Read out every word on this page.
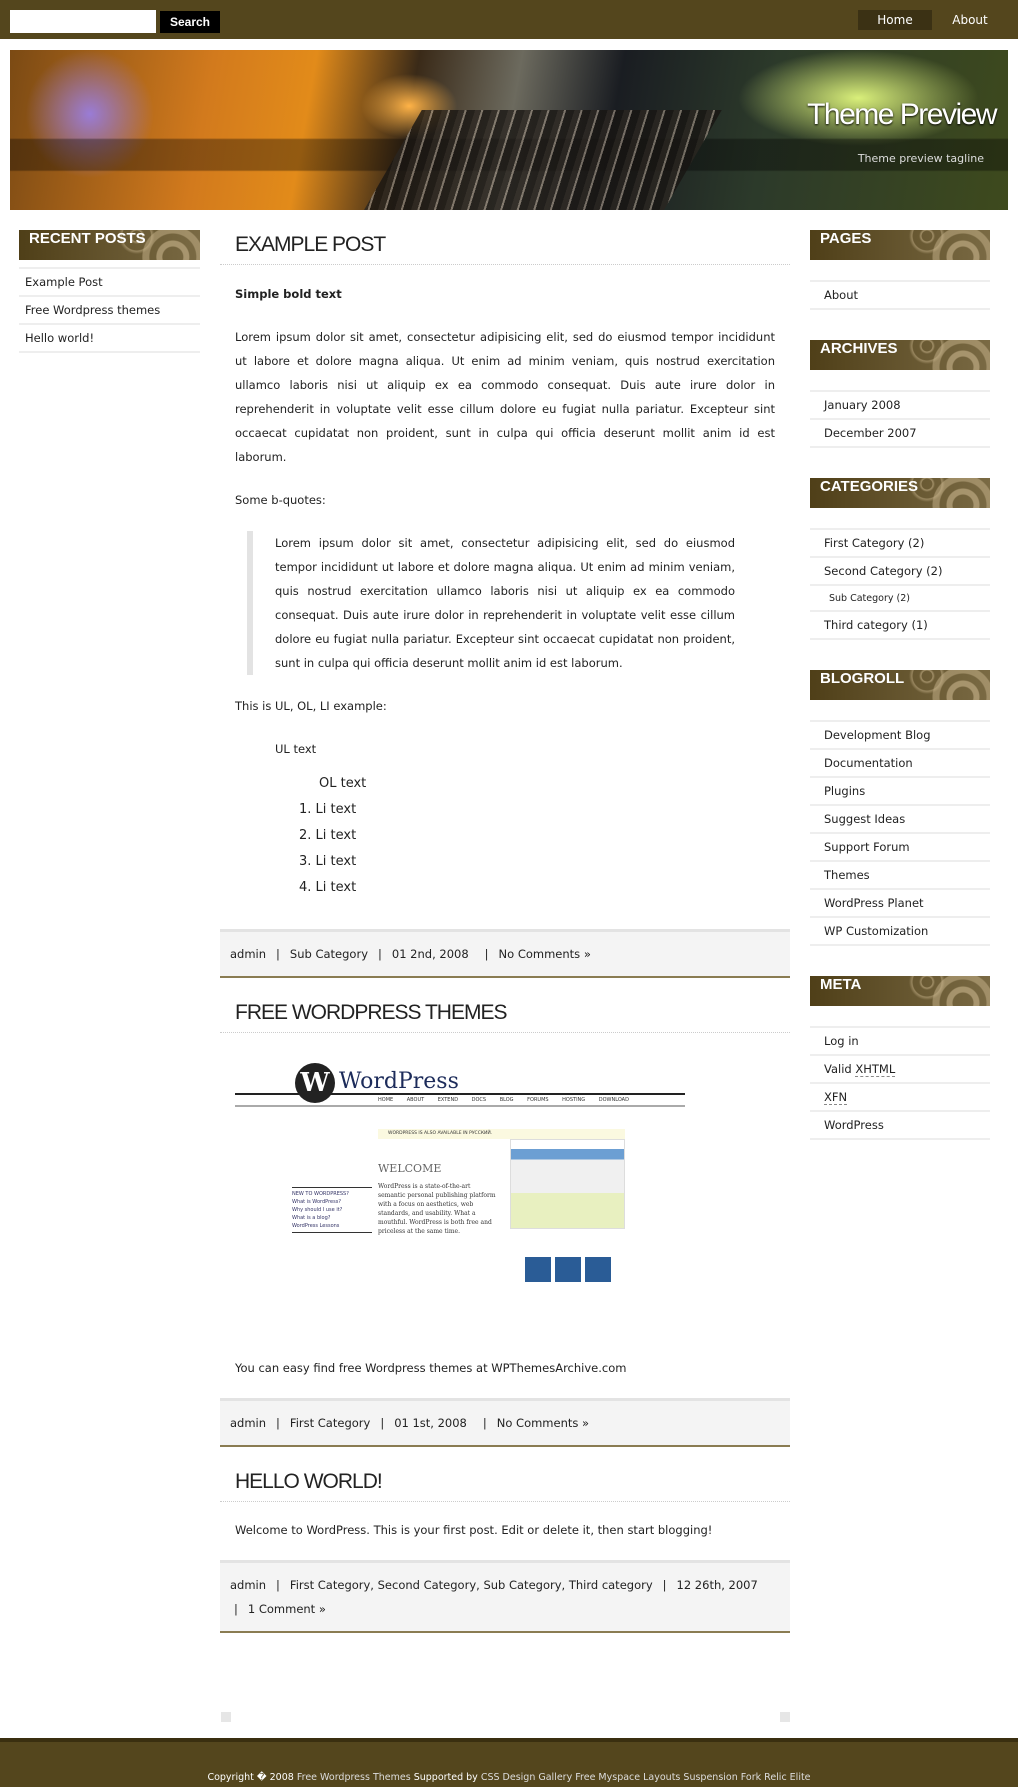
Search	Home	About
Theme Preview
Theme preview tagline
RECENT POSTS
Example Post
Free Wordpress themes
Hello world!
EXAMPLE POST

Simple bold text

Lorem ipsum dolor sit amet, consectetur adipisicing elit, sed do eiusmod tempor incididunt ut labore et dolore magna aliqua. Ut enim ad minim veniam, quis nostrud exercitation ullamco laboris nisi ut aliquip ex ea commodo consequat. Duis aute irure dolor in reprehenderit in voluptate velit esse cillum dolore eu fugiat nulla pariatur. Excepteur sint occaecat cupidatat non proident, sunt in culpa qui officia deserunt mollit anim id est laborum.

Some b-quotes:

Lorem ipsum dolor sit amet, consectetur adipisicing elit, sed do eiusmod tempor incididunt ut labore et dolore magna aliqua. Ut enim ad minim veniam, quis nostrud exercitation ullamco laboris nisi ut aliquip ex ea commodo consequat. Duis aute irure dolor in reprehenderit in voluptate velit esse cillum dolore eu fugiat nulla pariatur. Excepteur sint occaecat cupidatat non proident, sunt in culpa qui officia deserunt mollit anim id est laborum.

This is UL, OL, LI example:

UL text
OL text
1. Li text
2. Li text
3. Li text
4. Li text
admin | Sub Category | 01 2nd, 2008 | No Comments »
FREE WORDPRESS THEMES
W WordPress
HOME ABOUT EXTEND DOCS BLOG FORUMS HOSTING DOWNLOAD
WORDPRESS IS ALSO AVAILABLE IN РУССКИЙ.
WELCOME
WordPress is a state-of-the-art semantic personal publishing platform with a focus on aesthetics, web standards, and usability. What a mouthful. WordPress is both free and priceless at the same time.
NEW TO WORDPRESS?
What is WordPress?
Why should I use it?
What is a blog?
WordPress Lessons

You can easy find free Wordpress themes at WPThemesArchive.com

admin | First Category | 01 1st, 2008 | No Comments »
HELLO WORLD!

Welcome to WordPress. This is your first post. Edit or delete it, then start blogging!

admin | First Category, Second Category, Sub Category, Third category | 12 26th, 2007
| 1 Comment »
PAGES
About
ARCHIVES
January 2008
December 2007
CATEGORIES
First Category (2)
Second Category (2)
Sub Category (2)
Third category (1)
BLOGROLL
Development Blog
Documentation
Plugins
Suggest Ideas
Support Forum
Themes
WordPress Planet
WP Customization
META
Log in
Valid XHTML
XFN
WordPress
Copyright � 2008 Free Wordpress Themes Supported by CSS Design Gallery Free Myspace Layouts Suspension Fork Relic Elite
